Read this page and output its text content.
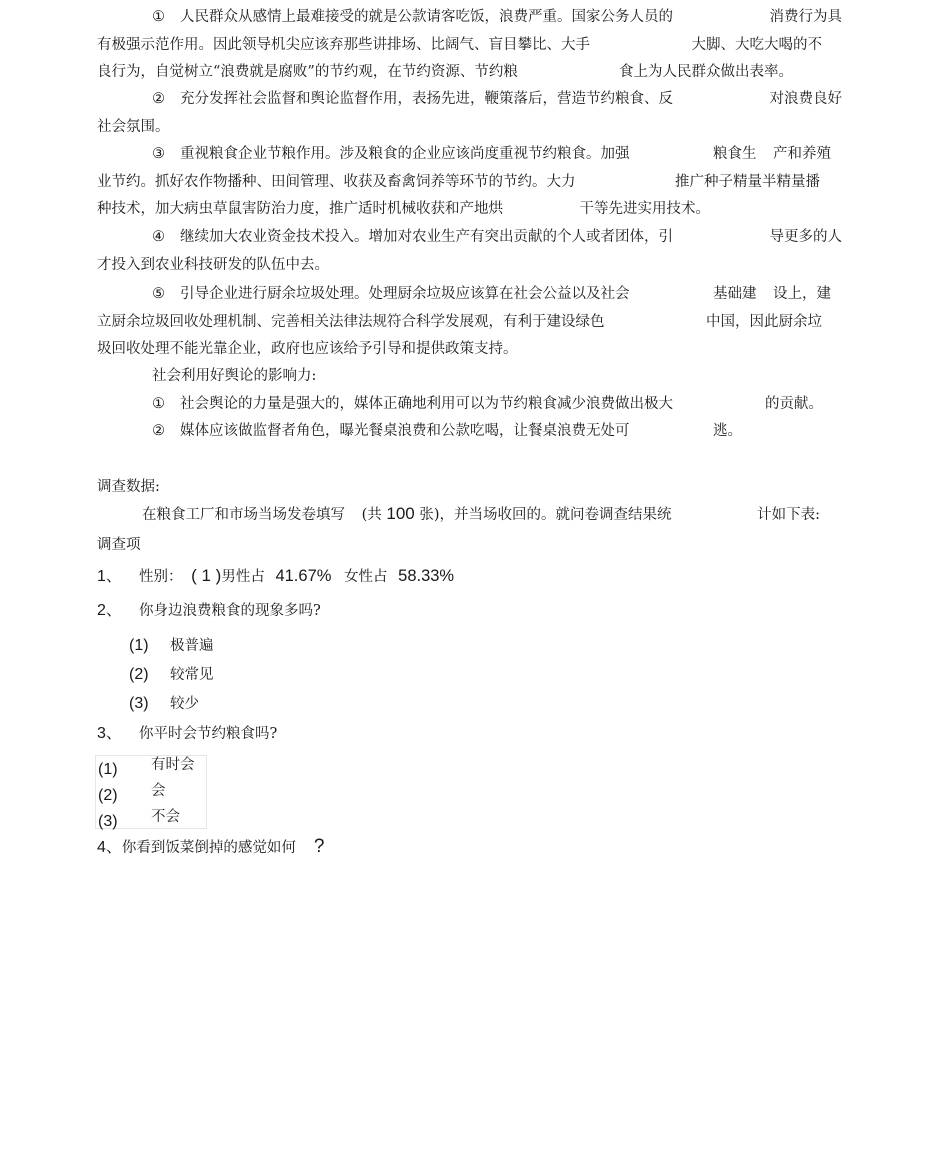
① 人民群众从感情上最难接受的就是公款请客吃饭，浪费严重。国家公务人员的	消费行为具
有极强示范作用。因此领导机尖应该弃那些讲排场、比阔气、盲目攀比、大手	大脚、大吃大喝的不
良行为，自觉树立“浪费就是腐败”的节约观，在节约资源、节约粮	食上为人民群众做出表率。
② 充分发挥社会监督和舆论监督作用，表扬先进，鞭策落后，营造节约粮食、反	对浪费良好
社会氛围。
③ 重视粮食企业节粮作用。涉及粮食的企业应该尚度重视节约粮食。加强	粮食生 产和养殖
业节约。抓好农作物播种、田间管理、收获及畜禽饲养等环节的节约。大力	推广种子精量半精量播
种技术，加大病虫草鼠害防治力度，推广适时机械收获和产地烘	干等先进实用技术。
④ 继续加大农业资金技术投入。增加对农业生产有突出贡献的个人或者团体，引	导更多的人
才投入到农业科技研发的队伍中去。
⑤ 引导企业进行厨余垃圾处理。处理厨余垃圾应该算在社会公益以及社会	基础建 设上，建
立厨余垃圾回收处理机制、完善相关法律法规符合科学发展观，有利于建设绿色	中国，因此厨余垃
圾回收处理不能光靠企业，政府也应该给予引导和提供政策支持。
社会利用好舆论的影响力:
① 社会舆论的力量是强大的，媒体正确地利用可以为节约粮食减少浪费做出极大	的贡献。
② 媒体应该做监督者角色，曝光餐桌浪费和公款吃喝，让餐桌浪费无处可	逃。
调查数据:
在粮食工厂和市场当场发卷填写 (共 100 张)，并当场收回的。就问卷调查结果统	计如下表:
调查项
1、 性别： ( 1 )男性占 41.67% 女性占 58.33%
2、 你身边浪费粮食的现象多吗?
(1) 极普遍
(2) 较常见
(3) 较少
3、 你平时会节约粮食吗?
(1) 有时会
(2) 会
(3) 不会
4、你看到饭菜倒掉的感觉如何 ?
